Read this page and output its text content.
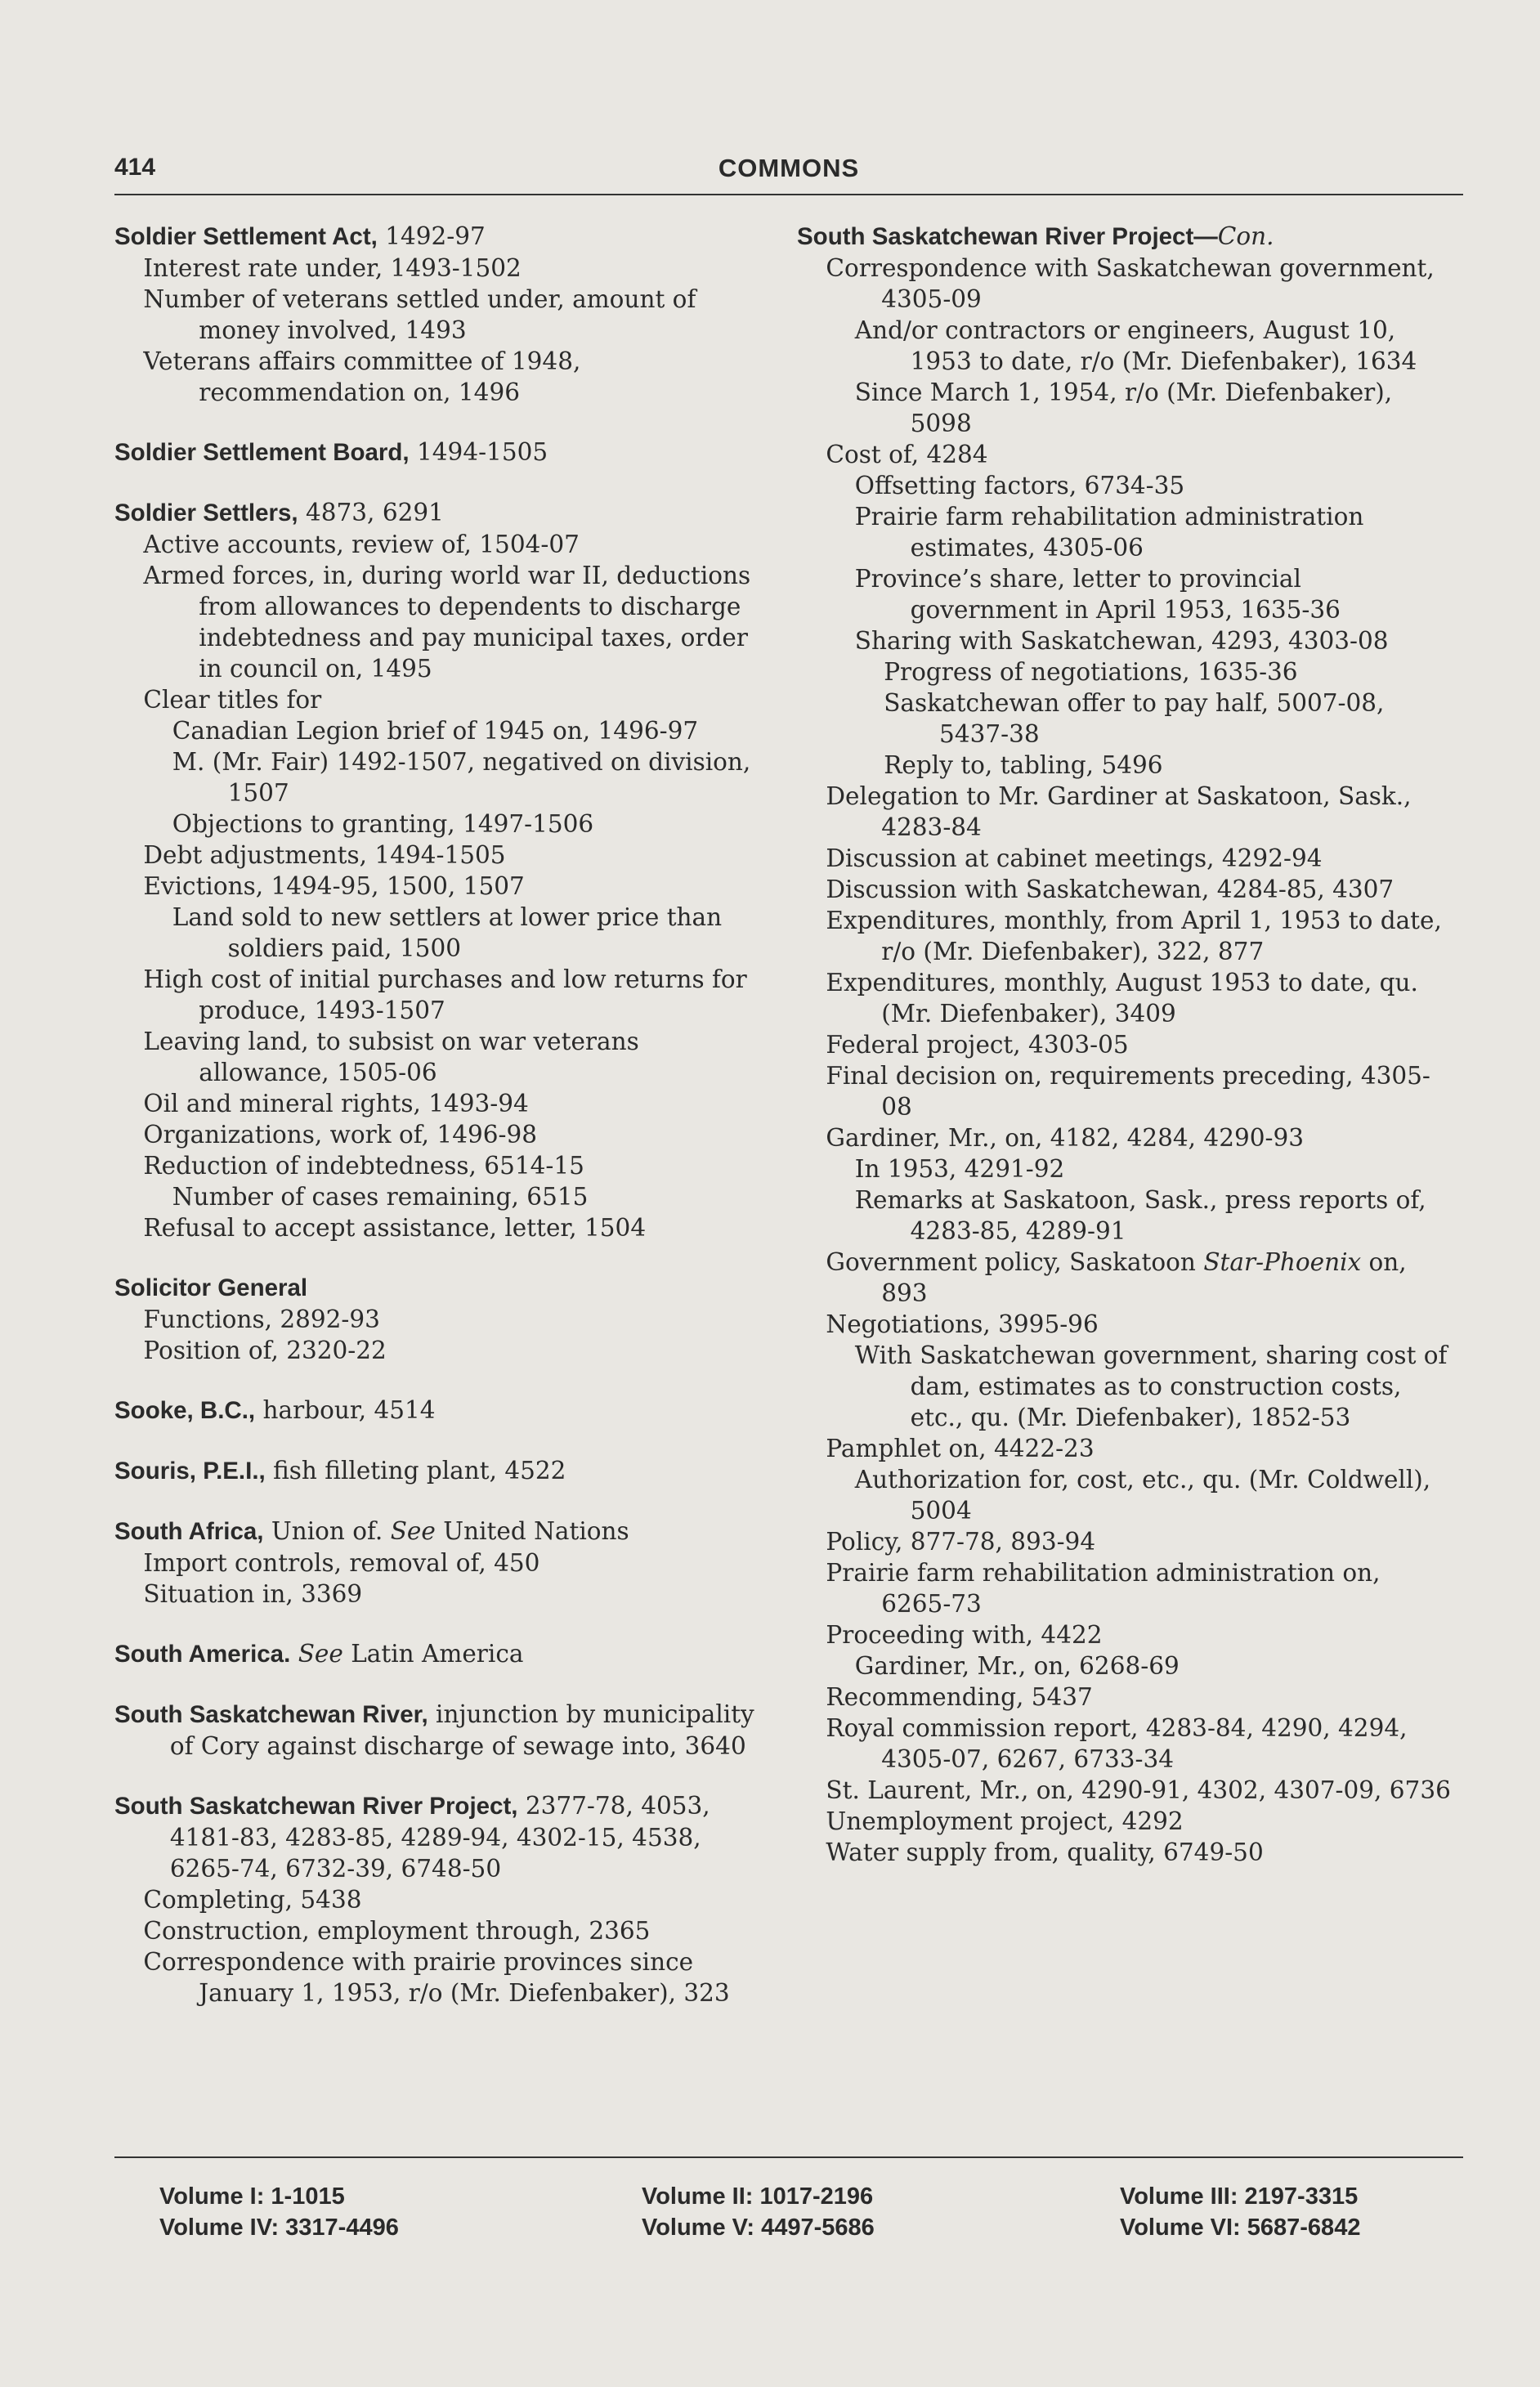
414	COMMONS
Soldier Settlement Act, 1492-97
Interest rate under, 1493-1502
Number of veterans settled under, amount of money involved, 1493
Veterans affairs committee of 1948, recommendation on, 1496
Soldier Settlement Board, 1494-1505
Soldier Settlers, 4873, 6291
Active accounts, review of, 1504-07
Armed forces, in, during world war II, deductions from allowances to dependents to discharge indebtedness and pay municipal taxes, order in council on, 1495
Clear titles for
Canadian Legion brief of 1945 on, 1496-97
M. (Mr. Fair) 1492-1507, negatived on division, 1507
Objections to granting, 1497-1506
Debt adjustments, 1494-1505
Evictions, 1494-95, 1500, 1507
Land sold to new settlers at lower price than soldiers paid, 1500
High cost of initial purchases and low returns for produce, 1493-1507
Leaving land, to subsist on war veterans allowance, 1505-06
Oil and mineral rights, 1493-94
Organizations, work of, 1496-98
Reduction of indebtedness, 6514-15
Number of cases remaining, 6515
Refusal to accept assistance, letter, 1504
Solicitor General
Functions, 2892-93
Position of, 2320-22
Sooke, B.C., harbour, 4514
Souris, P.E.I., fish filleting plant, 4522
South Africa, Union of. See United Nations
Import controls, removal of, 450
Situation in, 3369
South America. See Latin America
South Saskatchewan River, injunction by municipality of Cory against discharge of sewage into, 3640
South Saskatchewan River Project, 2377-78, 4053, 4181-83, 4283-85, 4289-94, 4302-15, 4538, 6265-74, 6732-39, 6748-50
Completing, 5438
Construction, employment through, 2365
Correspondence with prairie provinces since January 1, 1953, r/o (Mr. Diefenbaker), 323
South Saskatchewan River Project—Con.
Correspondence with Saskatchewan government, 4305-09
And/or contractors or engineers, August 10, 1953 to date, r/o (Mr. Diefenbaker), 1634
Since March 1, 1954, r/o (Mr. Diefenbaker), 5098
Cost of, 4284
Offsetting factors, 6734-35
Prairie farm rehabilitation administration estimates, 4305-06
Province’s share, letter to provincial government in April 1953, 1635-36
Sharing with Saskatchewan, 4293, 4303-08
Progress of negotiations, 1635-36
Saskatchewan offer to pay half, 5007-08, 5437-38
Reply to, tabling, 5496
Delegation to Mr. Gardiner at Saskatoon, Sask., 4283-84
Discussion at cabinet meetings, 4292-94
Discussion with Saskatchewan, 4284-85, 4307
Expenditures, monthly, from April 1, 1953 to date, r/o (Mr. Diefenbaker), 322, 877
Expenditures, monthly, August 1953 to date, qu. (Mr. Diefenbaker), 3409
Federal project, 4303-05
Final decision on, requirements preceding, 4305-08
Gardiner, Mr., on, 4182, 4284, 4290-93
In 1953, 4291-92
Remarks at Saskatoon, Sask., press reports of, 4283-85, 4289-91
Government policy, Saskatoon Star-Phoenix on, 893
Negotiations, 3995-96
With Saskatchewan government, sharing cost of dam, estimates as to construction costs, etc., qu. (Mr. Diefenbaker), 1852-53
Pamphlet on, 4422-23
Authorization for, cost, etc., qu. (Mr. Coldwell), 5004
Policy, 877-78, 893-94
Prairie farm rehabilitation administration on, 6265-73
Proceeding with, 4422
Gardiner, Mr., on, 6268-69
Recommending, 5437
Royal commission report, 4283-84, 4290, 4294, 4305-07, 6267, 6733-34
St. Laurent, Mr., on, 4290-91, 4302, 4307-09, 6736
Unemployment project, 4292
Water supply from, quality, 6749-50
Volume I: 1-1015
Volume IV: 3317-4496
Volume II: 1017-2196
Volume V: 4497-5686
Volume III: 2197-3315
Volume VI: 5687-6842
